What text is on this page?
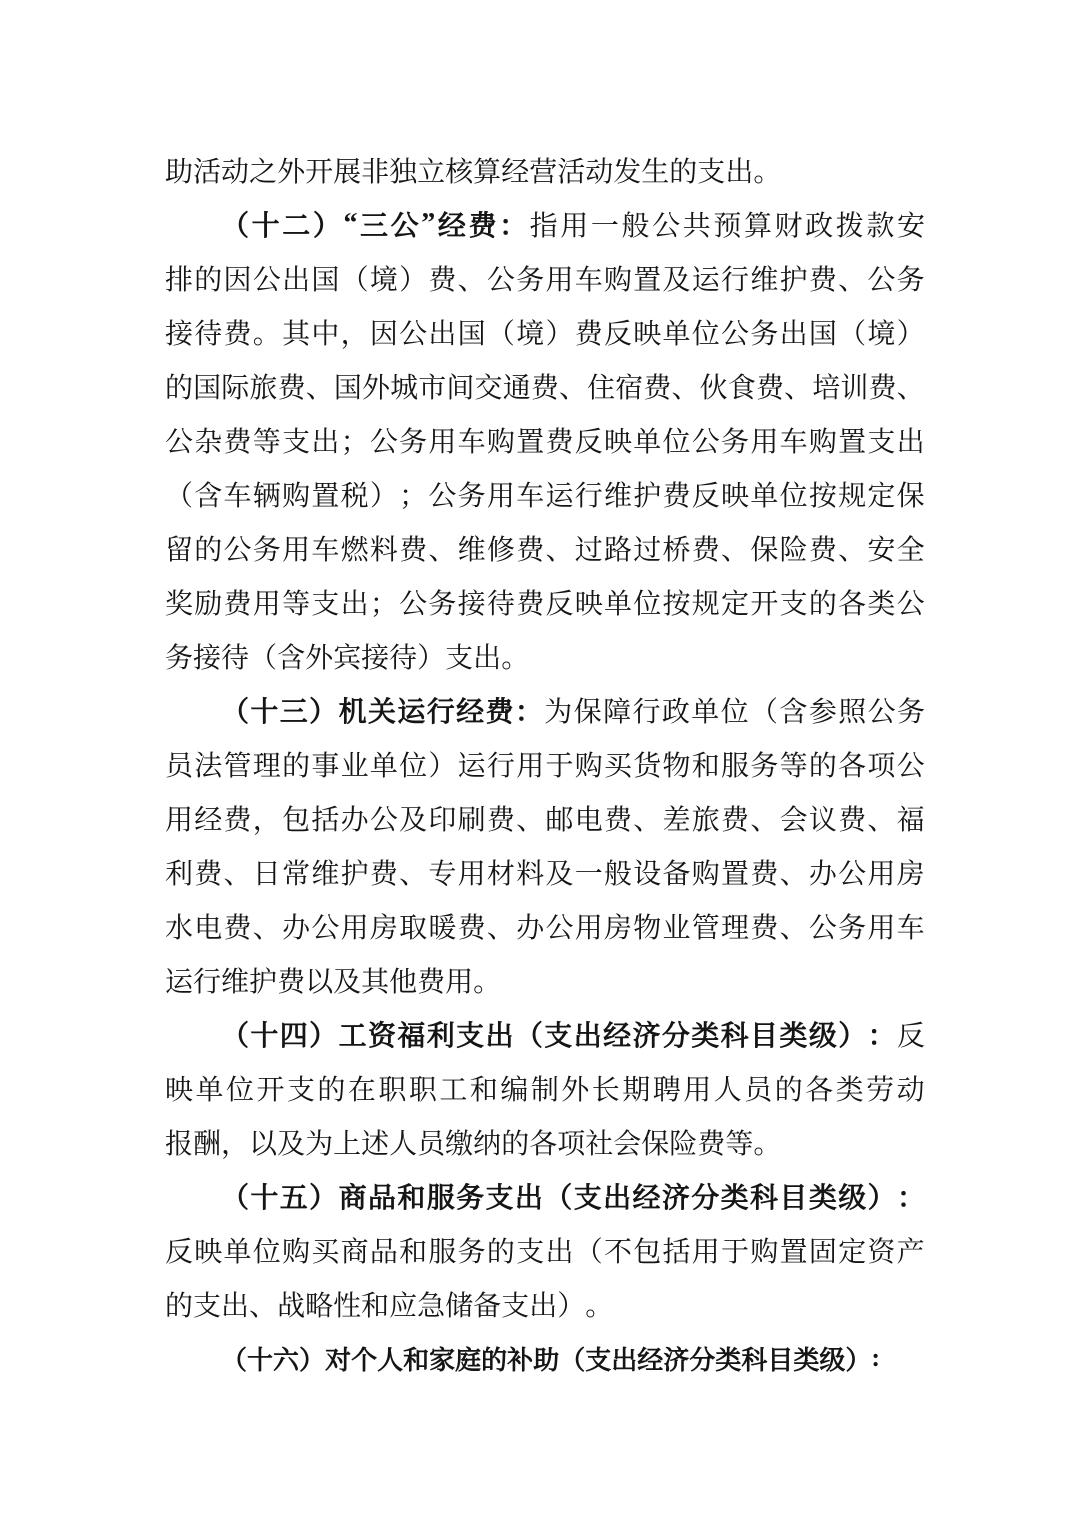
助 活 动 之 外 开 展 非 独 立 核 算 经 营 活 动 发 生 的 支 出 。
（ 十 二 ） “ 三 公 ” 经 费 ： 指 用 一 般 公 共 预 算 财 政 拨 款 安
排 的 因 公 出 国 （ 境 ） 费 、 公 务 用 车 购 置 及 运 行 维 护 费 、 公 务
接 待 费 。 其 中 ， 因 公 出 国 （ 境 ） 费 反 映 单 位 公 务 出 国 （ 境 ）
的 国 际 旅 费 、 国 外 城 市 间 交 通 费 、 住 宿 费 、 伙 食 费 、 培 训 费 、
公 杂 费 等 支 出 ； 公 务 用 车 购 置 费 反 映 单 位 公 务 用 车 购 置 支 出
（ 含 车 辆 购 置 税 ） ； 公 务 用 车 运 行 维 护 费 反 映 单 位 按 规 定 保
留 的 公 务 用 车 燃 料 费 、 维 修 费 、 过 路 过 桥 费 、 保 险 费 、 安 全
奖 励 费 用 等 支 出 ； 公 务 接 待 费 反 映 单 位 按 规 定 开 支 的 各 类 公
务 接 待 （ 含 外 宾 接 待 ） 支 出 。
（ 十 三 ） 机 关 运 行 经 费 ： 为 保 障 行 政 单 位 （ 含 参 照 公 务
员 法 管 理 的 事 业 单 位 ） 运 行 用 于 购 买 货 物 和 服 务 等 的 各 项 公
用 经 费 ， 包 括 办 公 及 印 刷 费 、 邮 电 费 、 差 旅 费 、 会 议 费 、 福
利 费 、 日 常 维 护 费 、 专 用 材 料 及 一 般 设 备 购 置 费 、 办 公 用 房
水 电 费 、 办 公 用 房 取 暖 费 、 办 公 用 房 物 业 管 理 费 、 公 务 用 车
运 行 维 护 费 以 及 其 他 费 用 。
（ 十 四 ） 工 资 福 利 支 出 （ 支 出 经 济 分 类 科 目 类 级 ） ： 反
映 单 位 开 支 的 在 职 职 工 和 编 制 外 长 期 聘 用 人 员 的 各 类 劳 动
报 酬 ， 以 及 为 上 述 人 员 缴 纳 的 各 项 社 会 保 险 费 等 。
（ 十 五 ） 商 品 和 服 务 支 出 （ 支 出 经 济 分 类 科 目 类 级 ） ：
反 映 单 位 购 买 商 品 和 服 务 的 支 出 （ 不 包 括 用 于 购 置 固 定 资 产
的 支 出 、 战 略 性 和 应 急 储 备 支 出 ） 。
（ 十 六 ） 对 个 人 和 家 庭 的 补 助 （ 支 出 经 济 分 类 科 目 类 级 ） :
